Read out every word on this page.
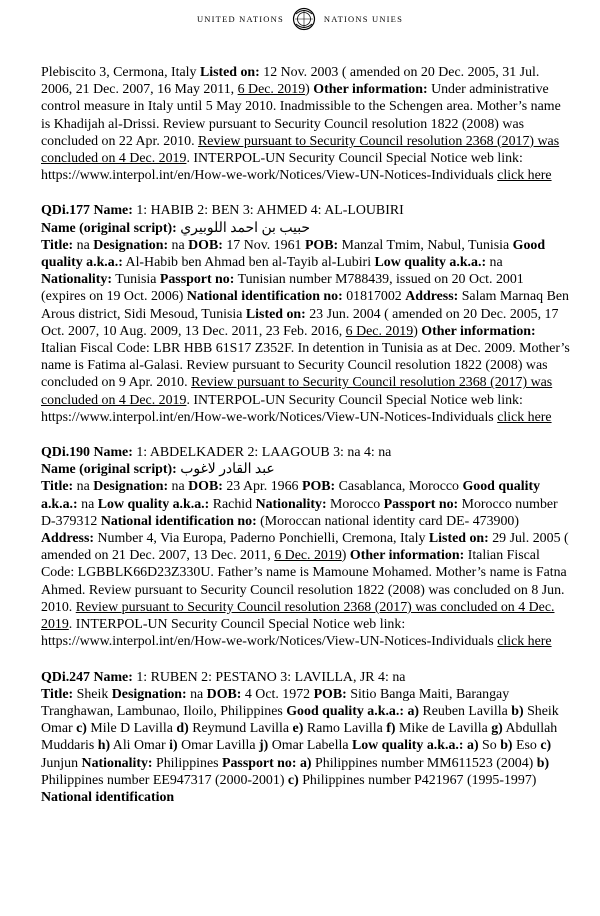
UNITED NATIONS	NATIONS UNIES

Plebiscito 3, Cermona, Italy Listed on: 12 Nov. 2003 ( amended on 20 Dec. 2005, 31 Jul. 2006, 21 Dec. 2007, 16 May 2011, 6 Dec. 2019) Other information: Under administrative control measure in Italy until 5 May 2010. Inadmissible to the Schengen area. Mother’s name is Khadijah al-Drissi. Review pursuant to Security Council resolution 1822 (2008) was concluded on 22 Apr. 2010. Review pursuant to Security Council resolution 2368 (2017) was concluded on 4 Dec. 2019. INTERPOL-UN Security Council Special Notice web link: https://www.interpol.int/en/How-we-work/Notices/View-UN-Notices-Individuals click here

QDi.177 Name: 1: HABIB 2: BEN 3: AHMED 4: AL-LOUBIRI

Name (original script): حبيب بن احمد اللوبيري

Title: na Designation: na DOB: 17 Nov. 1961 POB: Manzal Tmim, Nabul, Tunisia Good quality a.k.a.: Al-Habib ben Ahmad ben al-Tayib al-Lubiri Low quality a.k.a.: na Nationality: Tunisia Passport no: Tunisian number M788439, issued on 20 Oct. 2001 (expires on 19 Oct. 2006) National identification no: 01817002 Address: Salam Marnaq Ben Arous district, Sidi Mesoud, Tunisia Listed on: 23 Jun. 2004 ( amended on 20 Dec. 2005, 17 Oct. 2007, 10 Aug. 2009, 13 Dec. 2011, 23 Feb. 2016, 6 Dec. 2019) Other information: Italian Fiscal Code: LBR HBB 61S17 Z352F. In detention in Tunisia as at Dec. 2009. Mother’s name is Fatima al-Galasi. Review pursuant to Security Council resolution 1822 (2008) was concluded on 9 Apr. 2010. Review pursuant to Security Council resolution 2368 (2017) was concluded on 4 Dec. 2019. INTERPOL-UN Security Council Special Notice web link: https://www.interpol.int/en/How-we-work/Notices/View-UN-Notices-Individuals click here

QDi.190 Name: 1: ABDELKADER 2: LAAGOUB 3: na 4: na

Name (original script): عبد القادر لاغوب

Title: na Designation: na DOB: 23 Apr. 1966 POB: Casablanca, Morocco Good quality a.k.a.: na Low quality a.k.a.: Rachid Nationality: Morocco Passport no: Morocco number D-379312 National identification no: (Moroccan national identity card DE- 473900) Address: Number 4, Via Europa, Paderno Ponchielli, Cremona, Italy Listed on: 29 Jul. 2005 ( amended on 21 Dec. 2007, 13 Dec. 2011, 6 Dec. 2019) Other information: Italian Fiscal Code: LGBBLK66D23Z330U. Father’s name is Mamoune Mohamed. Mother’s name is Fatna Ahmed. Review pursuant to Security Council resolution 1822 (2008) was concluded on 8 Jun. 2010. Review pursuant to Security Council resolution 2368 (2017) was concluded on 4 Dec. 2019. INTERPOL-UN Security Council Special Notice web link: https://www.interpol.int/en/How-we-work/Notices/View-UN-Notices-Individuals click here

QDi.247 Name: 1: RUBEN 2: PESTANO 3: LAVILLA, JR 4: na

Title: Sheik Designation: na DOB: 4 Oct. 1972 POB: Sitio Banga Maiti, Barangay Tranghawan, Lambunao, Iloilo, Philippines Good quality a.k.a.: a) Reuben Lavilla b) Sheik Omar c) Mile D Lavilla d) Reymund Lavilla e) Ramo Lavilla f) Mike de Lavilla g) Abdullah Muddaris h) Ali Omar i) Omar Lavilla j) Omar Labella Low quality a.k.a.: a) So b) Eso c) Junjun Nationality: Philippines Passport no: a) Philippines number MM611523 (2004) b) Philippines number EE947317 (2000-2001) c) Philippines number P421967 (1995-1997) National identification
